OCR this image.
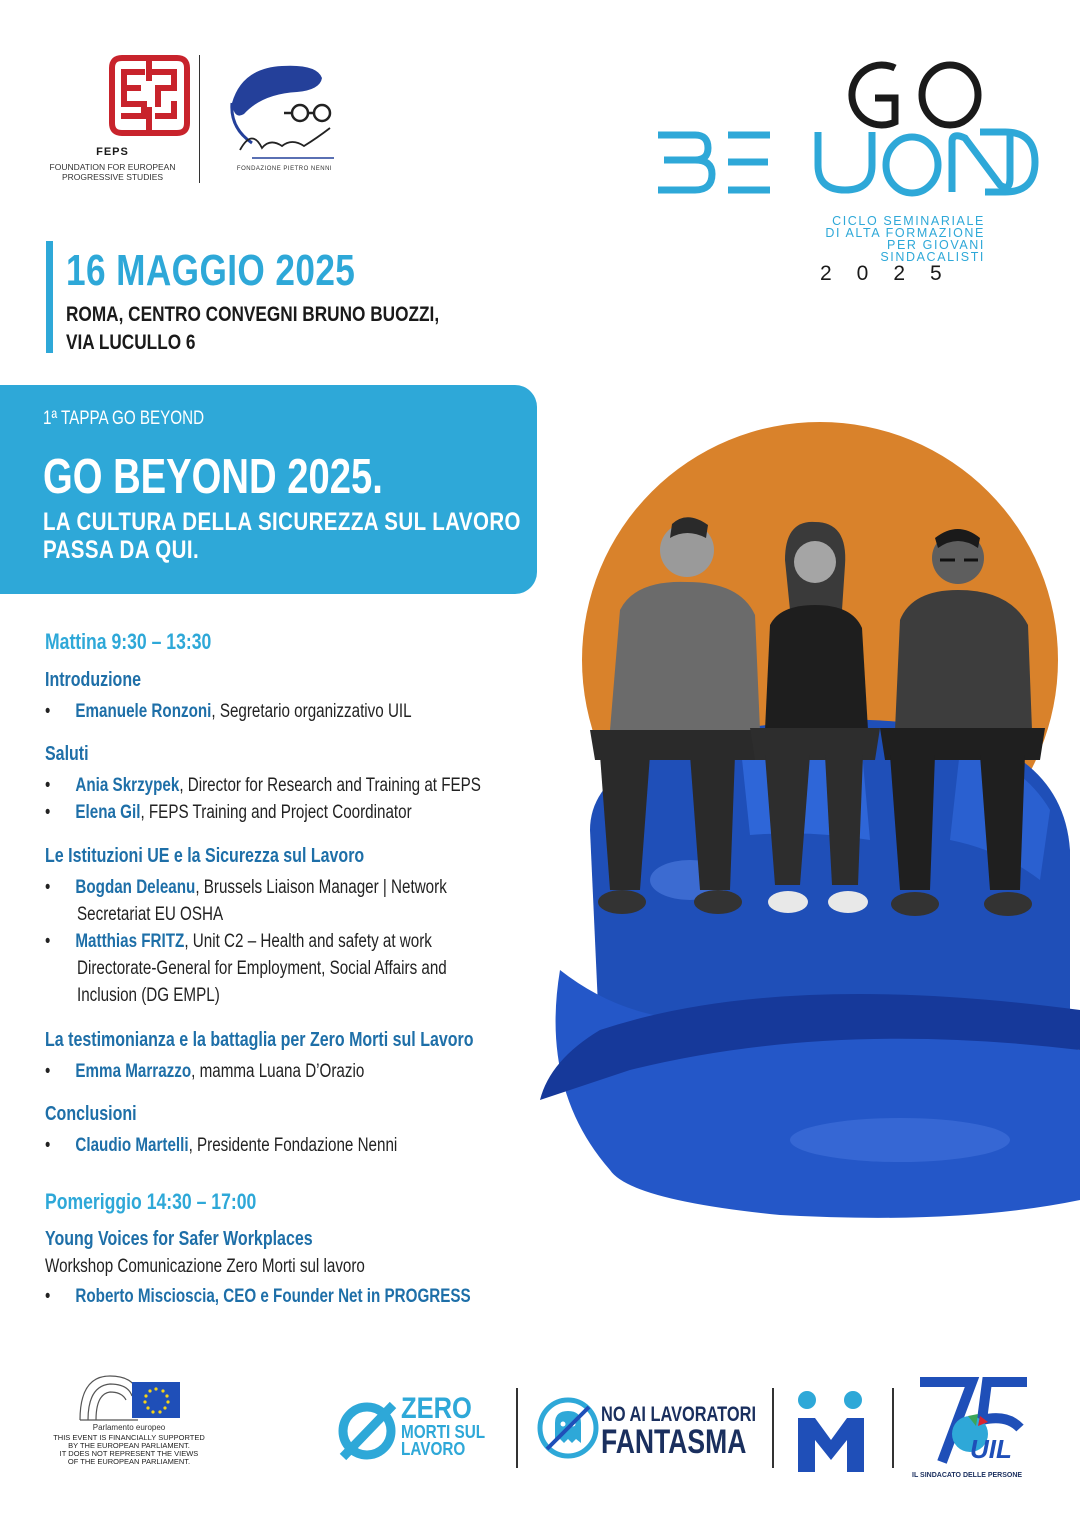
FEPS
FOUNDATION FOR EUROPEAN PROGRESSIVE STUDIES
FONDAZIONE PIETRO NENNI
CICLO SEMINARIALE
DI ALTA FORMAZIONE
PER GIOVANI SINDACALISTI
2025
16 MAGGIO 2025
ROMA, CENTRO CONVEGNI BRUNO BUOZZI,
VIA LUCULLO 6
1ª TAPPA GO BEYOND
GO BEYOND 2025.
LA CULTURA DELLA SICUREZZA SUL LAVORO
PASSA DA QUI.
Mattina 9:30 – 13:30
Introduzione
• Emanuele Ronzoni, Segretario organizzativo UIL
Saluti
• Ania Skrzypek, Director for Research and Training at FEPS
• Elena Gil, FEPS Training and Project Coordinator
Le Istituzioni UE e la Sicurezza sul Lavoro
• Bogdan Deleanu, Brussels Liaison Manager | Network
Secretariat EU OSHA
• Matthias FRITZ, Unit C2 – Health and safety at work
Directorate-General for Employment, Social Affairs and
Inclusion (DG EMPL)
La testimonianza e la battaglia per Zero Morti sul Lavoro
• Emma Marrazzo, mamma Luana D’Orazio
Conclusioni
• Claudio Martelli, Presidente Fondazione Nenni
Pomeriggio 14:30 – 17:00
Young Voices for Safer Workplaces
Workshop Comunicazione Zero Morti sul lavoro
• Roberto Miscioscia, CEO e Founder Net in PROGRESS
Parlamento europeo
THIS EVENT IS FINANCIALLY SUPPORTED
BY THE EUROPEAN PARLIAMENT.
IT DOES NOT REPRESENT THE VIEWS
OF THE EUROPEAN PARLIAMENT.
ZERO
MORTI SUL
LAVORO
NO AI LAVORATORI
FANTASMA	UIL
IL SINDACATO DELLE PERSONE
